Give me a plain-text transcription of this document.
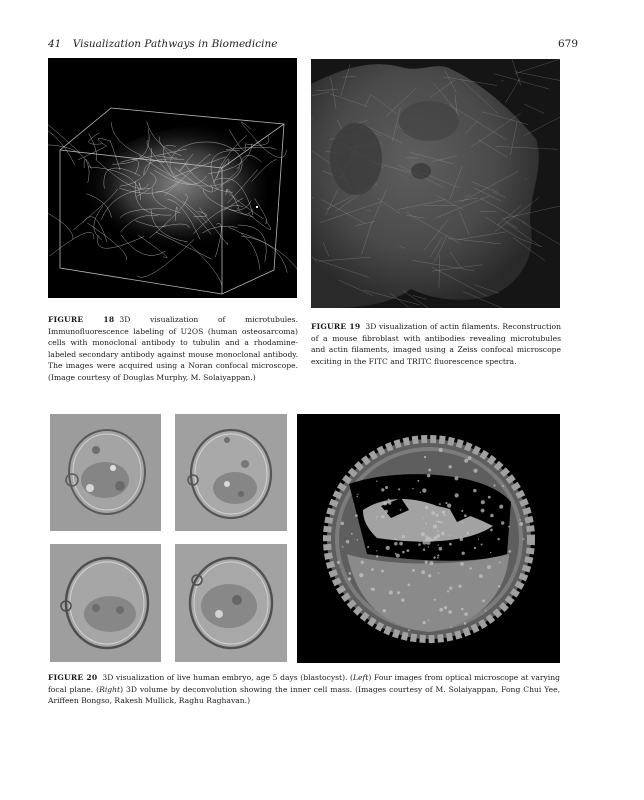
41 Visualization Pathways in Biomedicine	679
FIGURE 18 3D visualization of microtubules. Immunofluorescence labeling of U2OS (human osteosarcoma) cells with monoclonal antibody to tubulin and a rhodamine-labeled secondary antibody against mouse monoclonal antibody. The images were acquired using a Noran confocal microscope. (Image courtesy of Douglas Murphy, M. Solaiyappan.)
FIGURE 19 3D visualization of actin filaments. Reconstruction of a mouse fibroblast with antibodies revealing microtubules and actin filaments, imaged using a Zeiss confocal microscope exciting in the FITC and TRITC fluorescence spectra.
FIGURE 20 3D visualization of live human embryo, age 5 days (blastocyst). (Left) Four images from optical microscope at varying focal plane. (Right) 3D volume by deconvolution showing the inner cell mass. (Images courtesy of M. Solaiyappan, Fong Chui Yee, Ariffeen Bongso, Rakesh Mullick, Raghu Raghavan.)
